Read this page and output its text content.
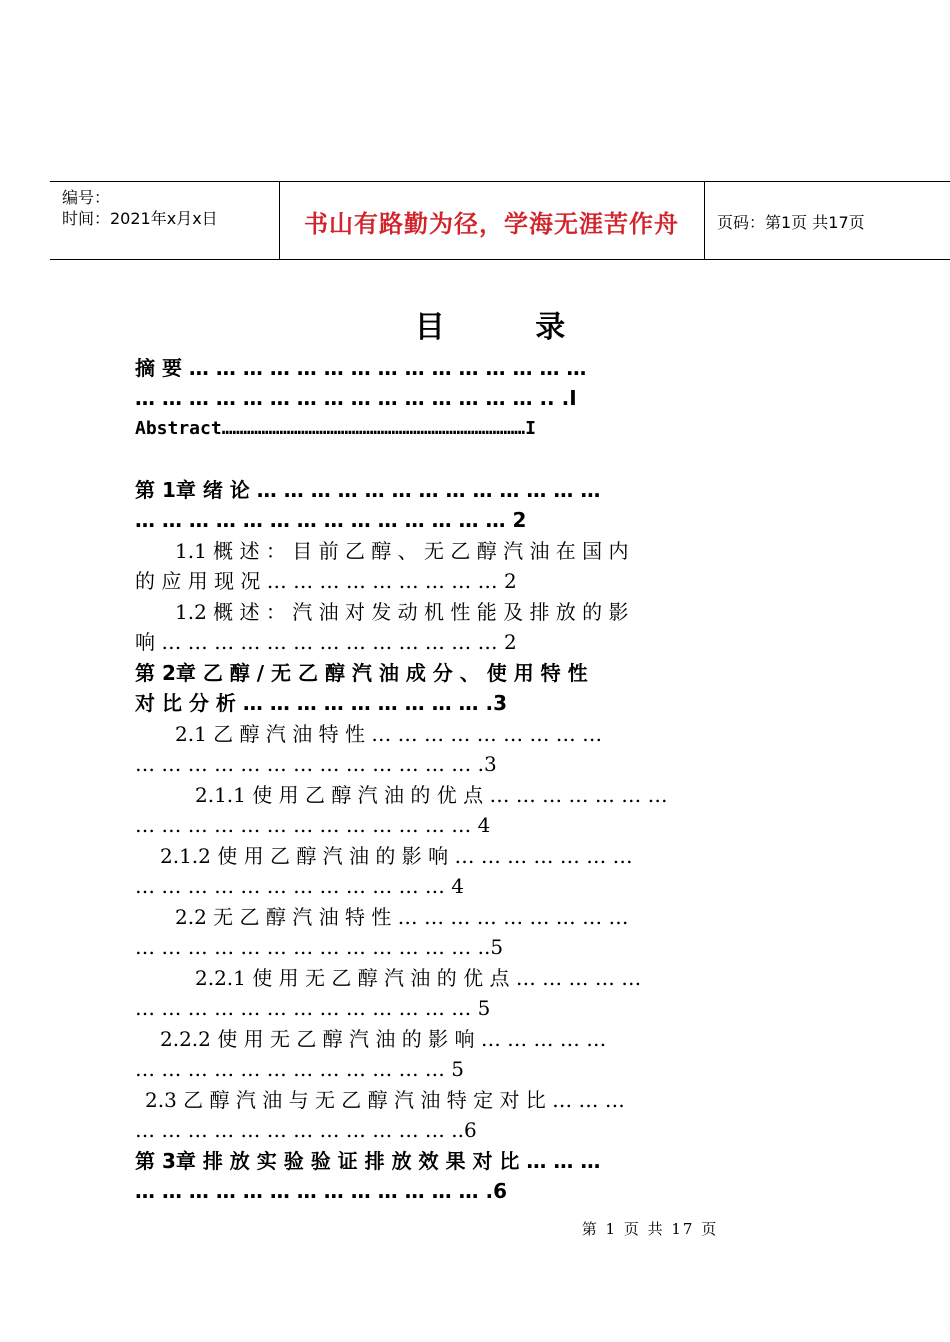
编号：
时间：2021年x月x日	书山有路勤为径，学海无涯苦作舟	页码：第1页 共17页
目 录
摘 要 … … … … … … … … … … … … … … …
… … … … … … … … … … … … … … … .. .I
Abstract…………………………………………………………………………I
第 1章 绪 论 … … … … … … … … … … … … …
… … … … … … … … … … … … … … 2
1.1 概 述 ： 目 前 乙 醇 、 无 乙 醇 汽 油 在 国 内
的 应 用 现 况 … … … … … … … … … 2
1.2 概 述 ： 汽 油 对 发 动 机 性 能 及 排 放 的 影
响 … … … … … … … … … … … … … 2
第 2章 乙 醇 / 无 乙 醇 汽 油 成 分 、 使 用 特 性
对 比 分 析 … … … … … … … … … .3
2.1 乙 醇 汽 油 特 性 … … … … … … … … …
… … … … … … … … … … … … … .3
2.1.1 使 用 乙 醇 汽 油 的 优 点 … … … … … … …
… … … … … … … … … … … … … 4
2.1.2 使 用 乙 醇 汽 油 的 影 响 … … … … … … …
… … … … … … … … … … … … 4
2.2 无 乙 醇 汽 油 特 性 … … … … … … … … …
… … … … … … … … … … … … … ..5
2.2.1 使 用 无 乙 醇 汽 油 的 优 点 … … … … …
… … … … … … … … … … … … … 5
2.2.2 使 用 无 乙 醇 汽 油 的 影 响 … … … … …
… … … … … … … … … … … … 5
2.3 乙 醇 汽 油 与 无 乙 醇 汽 油 特 定 对 比 … … …
… … … … … … … … … … … … ..6
第 3章 排 放 实 验 验 证 排 放 效 果 对 比 … … …
… … … … … … … … … … … … … .6
第 1 页 共 17 页
